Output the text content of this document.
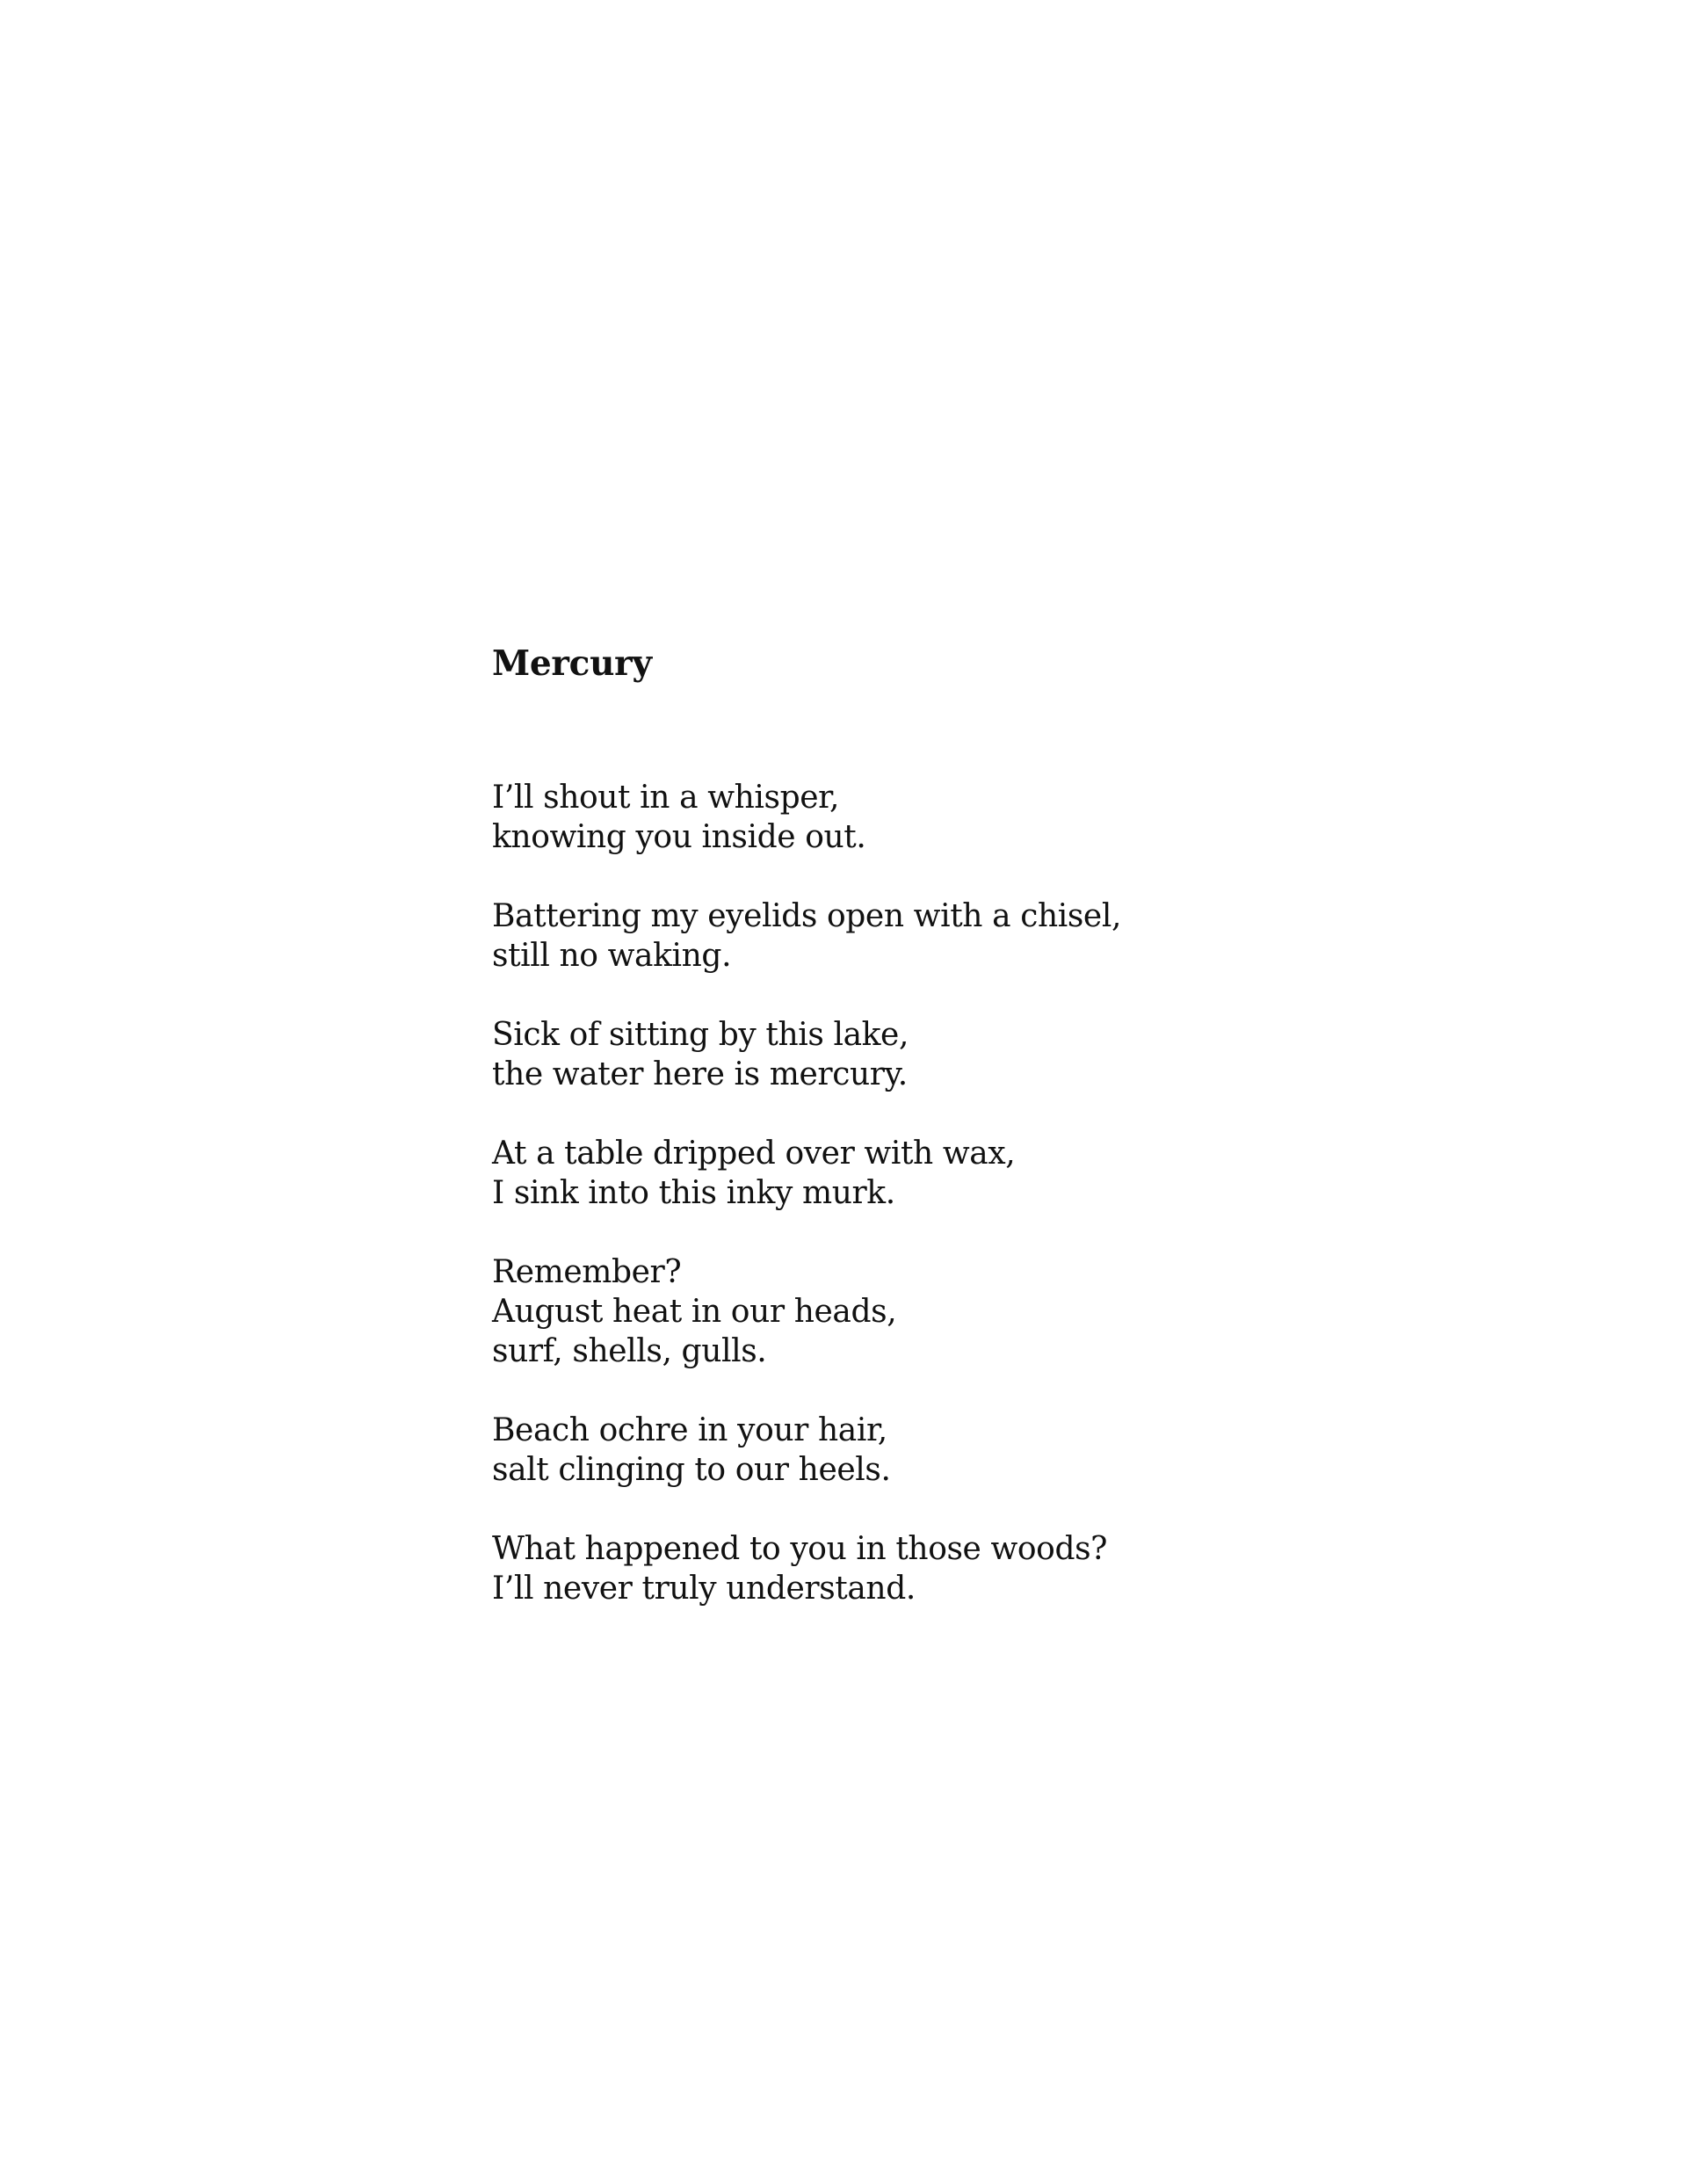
Mercury
I’ll shout in a whisper,
knowing you inside out.
Battering my eyelids open with a chisel,
still no waking.
Sick of sitting by this lake,
the water here is mercury.
At a table dripped over with wax,
I sink into this inky murk.
Remember?
August heat in our heads,
surf, shells, gulls.
Beach ochre in your hair,
salt clinging to our heels.
What happened to you in those woods?
I’ll never truly understand.
